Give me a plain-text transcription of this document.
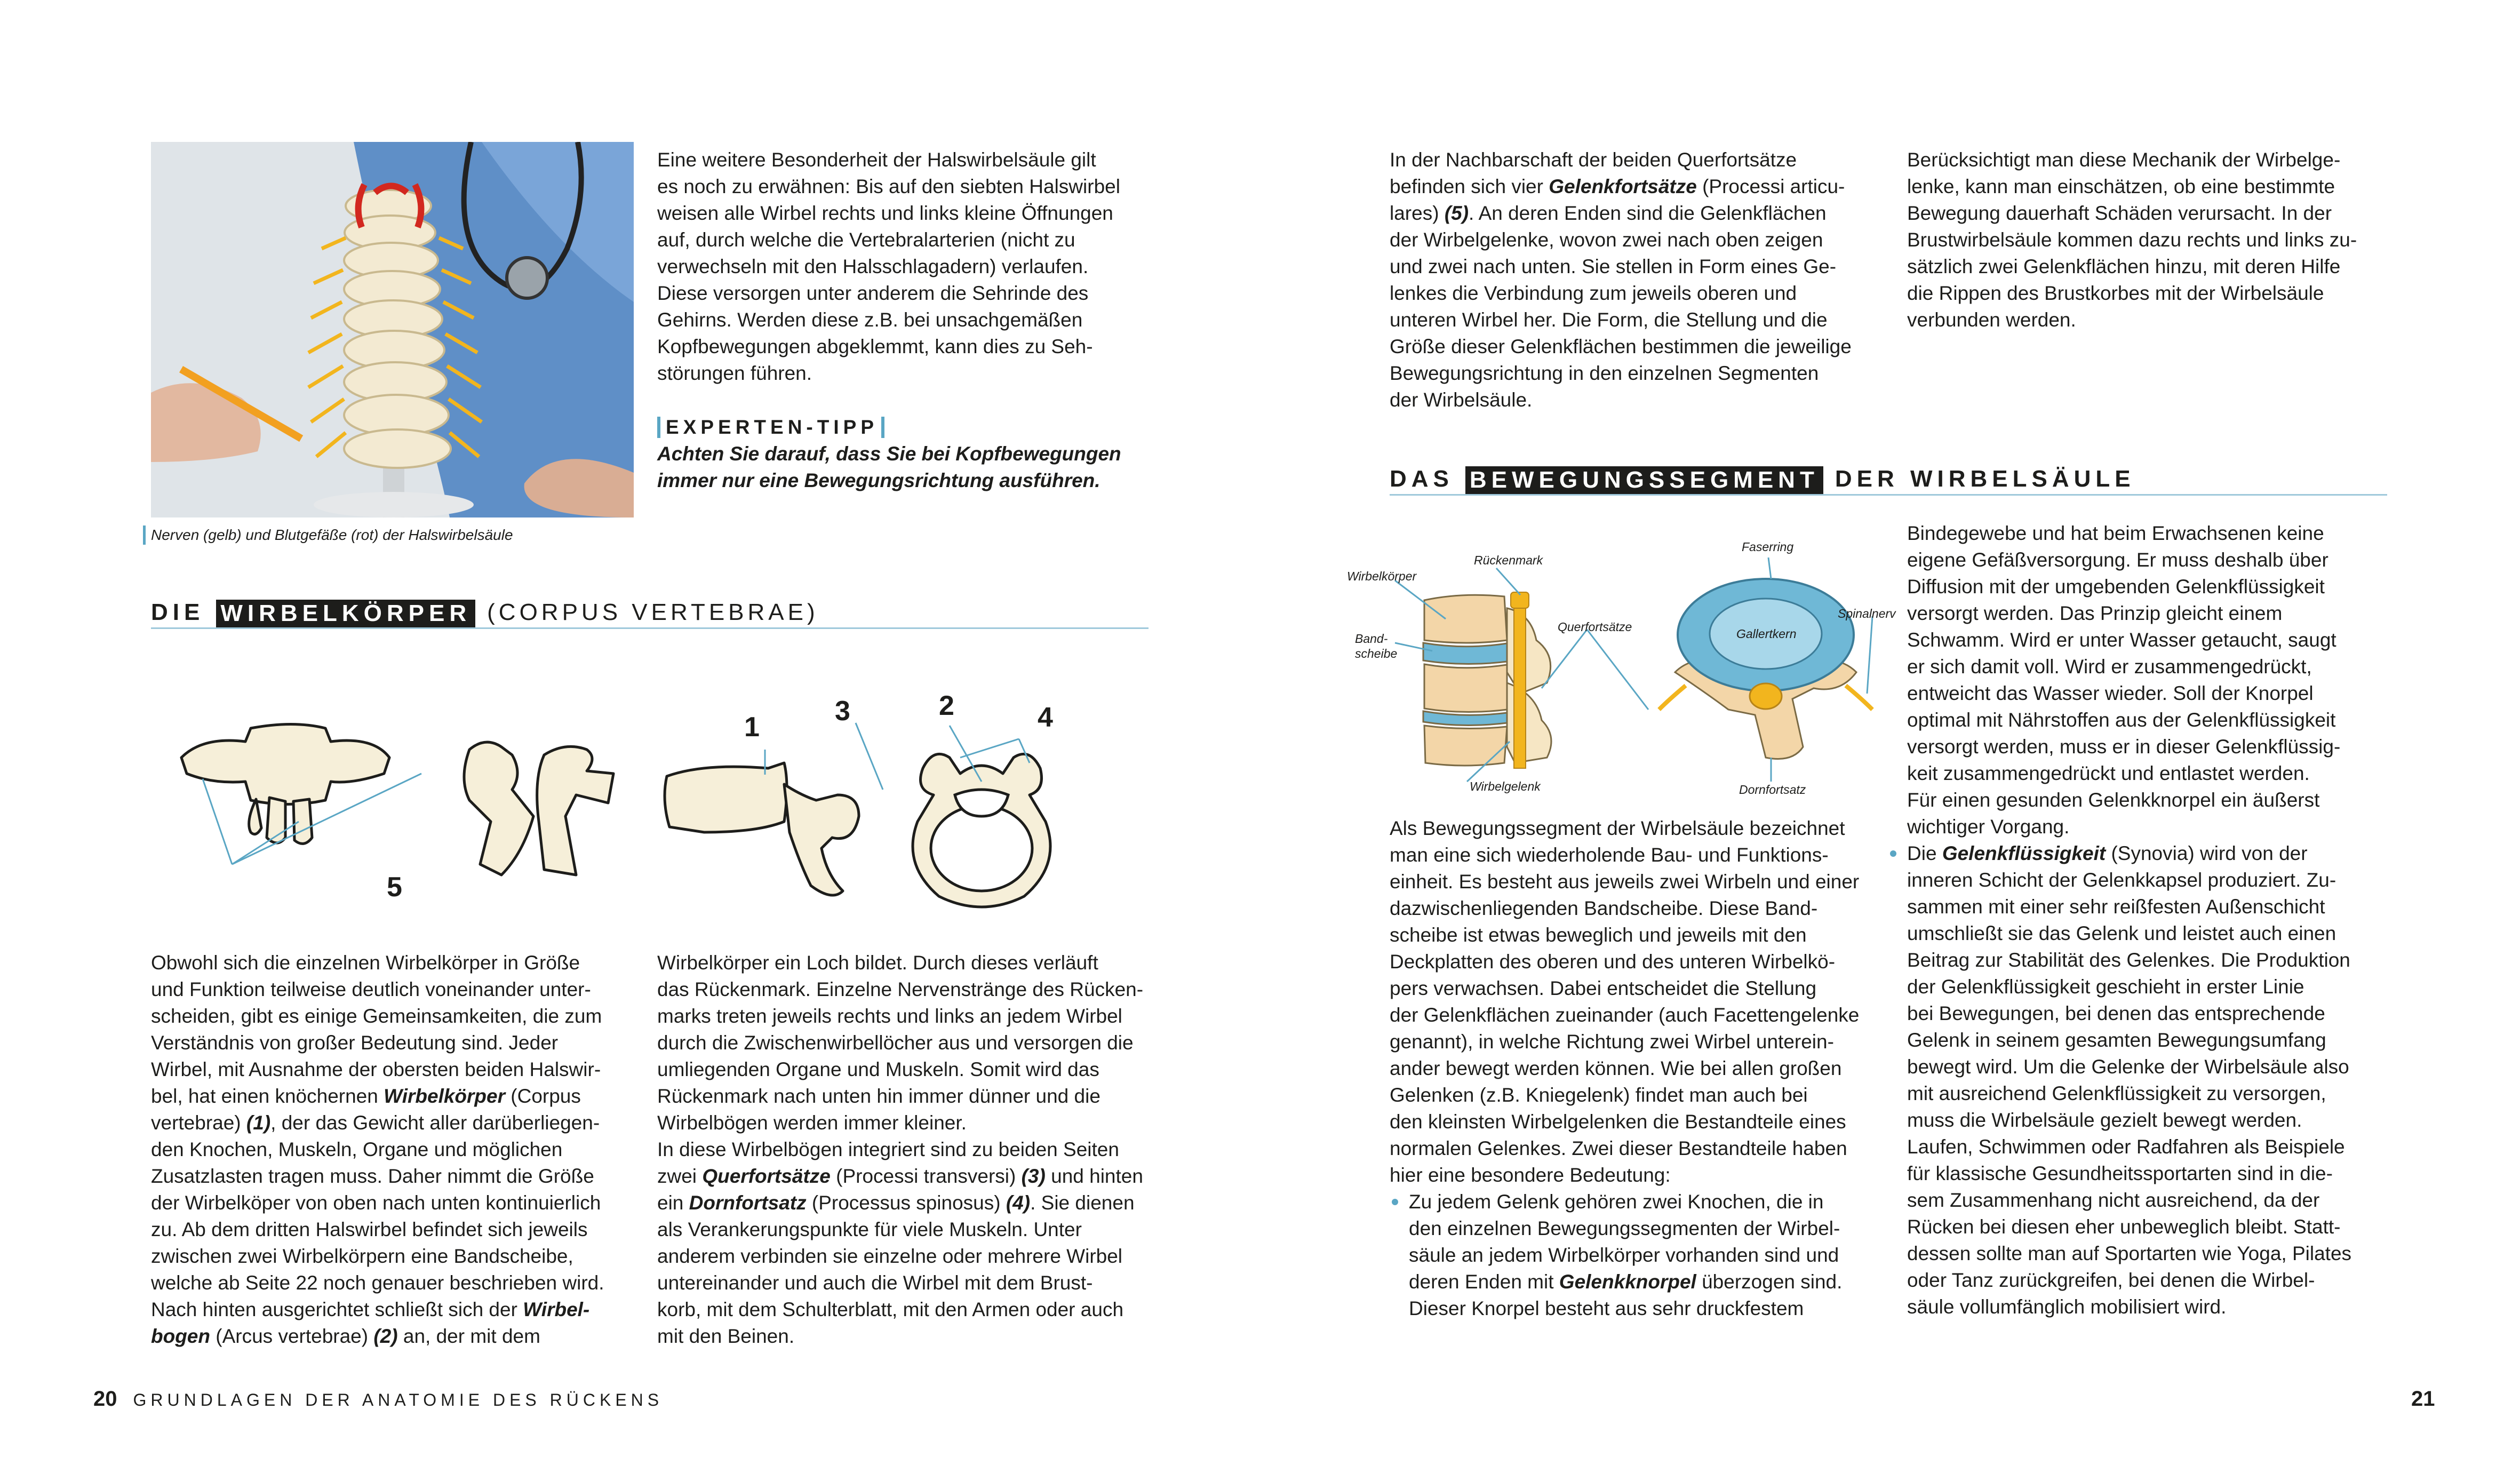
Nerven (gelb) und Blutgefäße (rot) der Halswirbelsäule
Eine weitere Besonderheit der Halswirbelsäule gilt
es noch zu erwähnen: Bis auf den siebten Halswirbel
weisen alle Wirbel rechts und links kleine Öffnungen
auf, durch welche die Vertebralarterien (nicht zu
verwechseln mit den Halsschlagadern) verlaufen.
Diese versorgen unter anderem die Sehrinde des
Gehirns. Werden diese z.B. bei unsachgemäßen
Kopfbewegungen abgeklemmt, kann dies zu Seh-
störungen führen.
EXPERTEN-TIPP
Achten Sie darauf, dass Sie bei Kopfbewegungen
immer nur eine Bewegungsrichtung ausführen.
DIE WIRBELKÖRPER (CORPUS VERTEBRAE)
1
3	2	4
5
Obwohl sich die einzelnen Wirbelkörper in Größe
und Funktion teilweise deutlich voneinander unter-
scheiden, gibt es einige Gemeinsamkeiten, die zum
Verständnis von großer Bedeutung sind. Jeder
Wirbel, mit Ausnahme der obersten beiden Halswir-
bel, hat einen knöchernen Wirbelkörper (Corpus
vertebrae) (1), der das Gewicht aller darüberliegen-
den Knochen, Muskeln, Organe und möglichen
Zusatzlasten tragen muss. Daher nimmt die Größe
der Wirbelköper von oben nach unten kontinuierlich
zu. Ab dem dritten Halswirbel befindet sich jeweils
zwischen zwei Wirbelkörpern eine Bandscheibe,
welche ab Seite 22 noch genauer beschrieben wird.
Nach hinten ausgerichtet schließt sich der Wirbel-
bogen (Arcus vertebrae) (2) an, der mit dem
Wirbelkörper ein Loch bildet. Durch dieses verläuft
das Rückenmark. Einzelne Nervenstränge des Rücken-
marks treten jeweils rechts und links an jedem Wirbel
durch die Zwischenwirbellöcher aus und versorgen die
umliegenden Organe und Muskeln. Somit wird das
Rückenmark nach unten hin immer dünner und die
Wirbelbögen werden immer kleiner.
In diese Wirbelbögen integriert sind zu beiden Seiten
zwei Querfortsätze (Processi transversi) (3) und hinten
ein Dornfortsatz (Processus spinosus) (4). Sie dienen
als Verankerungspunkte für viele Muskeln. Unter
anderem verbinden sie einzelne oder mehrere Wirbel
untereinander und auch die Wirbel mit dem Brust-
korb, mit dem Schulterblatt, mit den Armen oder auch
mit den Beinen.
20 GRUNDLAGEN DER ANATOMIE DES RÜCKENS
In der Nachbarschaft der beiden Querfortsätze
befinden sich vier Gelenkfortsätze (Processi articu-
lares) (5). An deren Enden sind die Gelenkflächen
der Wirbelgelenke, wovon zwei nach oben zeigen
und zwei nach unten. Sie stellen in Form eines Ge-
lenkes die Verbindung zum jeweils oberen und
unteren Wirbel her. Die Form, die Stellung und die
Größe dieser Gelenkflächen bestimmen die jeweilige
Bewegungsrichtung in den einzelnen Segmenten
der Wirbelsäule.
Berücksichtigt man diese Mechanik der Wirbelge-
lenke, kann man einschätzen, ob eine bestimmte
Bewegung dauerhaft Schäden verursacht. In der
Brustwirbelsäule kommen dazu rechts und links zu-
sätzlich zwei Gelenkflächen hinzu, mit deren Hilfe
die Rippen des Brustkorbes mit der Wirbelsäule
verbunden werden.
DAS BEWEGUNGSSEGMENT DER WIRBELSÄULE
Wirbelkörper
Rückenmark
Band-
scheibe
Querfortsätze
Wirbelgelenk
Faserring
Gallertkern
Spinalnerv
Dornfortsatz
Als Bewegungssegment der Wirbelsäule bezeichnet
man eine sich wiederholende Bau- und Funktions-
einheit. Es besteht aus jeweils zwei Wirbeln und einer
dazwischenliegenden Bandscheibe. Diese Band-
scheibe ist etwas beweglich und jeweils mit den
Deckplatten des oberen und des unteren Wirbelkö-
pers verwachsen. Dabei entscheidet die Stellung
der Gelenkflächen zueinander (auch Facettengelenke
genannt), in welche Richtung zwei Wirbel unterein-
ander bewegt werden können. Wie bei allen großen
Gelenken (z.B. Kniegelenk) findet man auch bei
den kleinsten Wirbelgelenken die Bestandteile eines
normalen Gelenkes. Zwei dieser Bestandteile haben
hier eine besondere Bedeutung:
Zu jedem Gelenk gehören zwei Knochen, die in
den einzelnen Bewegungssegmenten der Wirbel-
säule an jedem Wirbelkörper vorhanden sind und
deren Enden mit Gelenkknorpel überzogen sind.
Dieser Knorpel besteht aus sehr druckfestem
Bindegewebe und hat beim Erwachsenen keine
eigene Gefäßversorgung. Er muss deshalb über
Diffusion mit der umgebenden Gelenkflüssigkeit
versorgt werden. Das Prinzip gleicht einem
Schwamm. Wird er unter Wasser getaucht, saugt
er sich damit voll. Wird er zusammengedrückt,
entweicht das Wasser wieder. Soll der Knorpel
optimal mit Nährstoffen aus der Gelenkflüssigkeit
versorgt werden, muss er in dieser Gelenkflüssig-
keit zusammengedrückt und entlastet werden.
Für einen gesunden Gelenkknorpel ein äußerst
wichtiger Vorgang.
Die Gelenkflüssigkeit (Synovia) wird von der
inneren Schicht der Gelenkkapsel produziert. Zu-
sammen mit einer sehr reißfesten Außenschicht
umschließt sie das Gelenk und leistet auch einen
Beitrag zur Stabilität des Gelenkes. Die Produktion
der Gelenkflüssigkeit geschieht in erster Linie
bei Bewegungen, bei denen das entsprechende
Gelenk in seinem gesamten Bewegungsumfang
bewegt wird. Um die Gelenke der Wirbelsäule also
mit ausreichend Gelenkflüssigkeit zu versorgen,
muss die Wirbelsäule gezielt bewegt werden.
Laufen, Schwimmen oder Radfahren als Beispiele
für klassische Gesundheitssportarten sind in die-
sem Zusammenhang nicht ausreichend, da der
Rücken bei diesen eher unbeweglich bleibt. Statt-
dessen sollte man auf Sportarten wie Yoga, Pilates
oder Tanz zurückgreifen, bei denen die Wirbel-
säule vollumfänglich mobilisiert wird.
21
